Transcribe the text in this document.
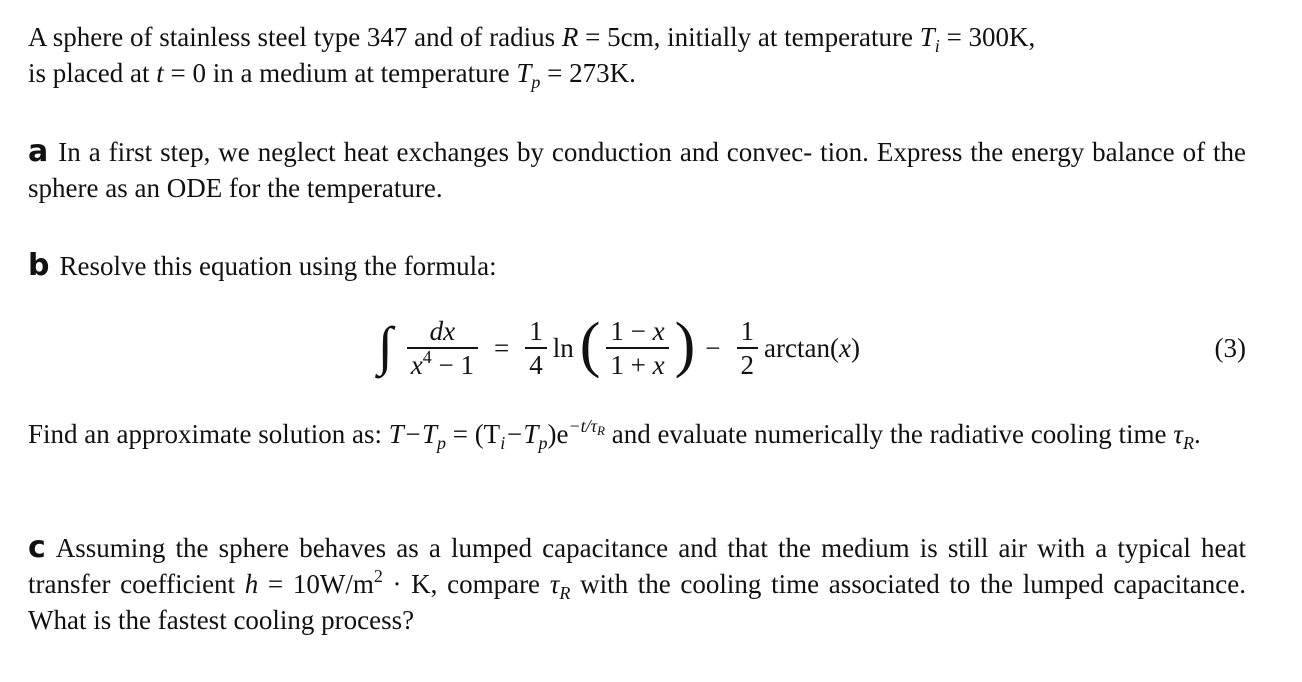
A sphere of stainless steel type 347 and of radius R = 5cm, initially at temperature $T_i = 300K$,
is placed at t = 0 in a medium at temperature $T_p = 273K$.

a In a first step, we neglect heat exchanges by conduction and convec- tion. Express the energy balance of the sphere as an ODE for the temperature.

b Resolve this equation using the formula:

∫ $\frac{dx}{x^4 - 1} = \frac{1}{4}$ ln ( $\frac{1 - x}{1 + x}$ ) − $\frac{1}{2}$ arctan ( x )	(3)

Find an approximate solution as: $T-T_p = (T_i-T_p)e^{-t/\tau_R}$ and evaluate numerically the radiative cooling time $\tau_R$.

c Assuming the sphere behaves as a lumped capacitance and that the medium is still air with a typical heat transfer coefficient $h = 10W/m^2 \cdot K$, compare $\tau_R$ with the cooling time associated to the lumped capacitance. What is the fastest cooling process?
